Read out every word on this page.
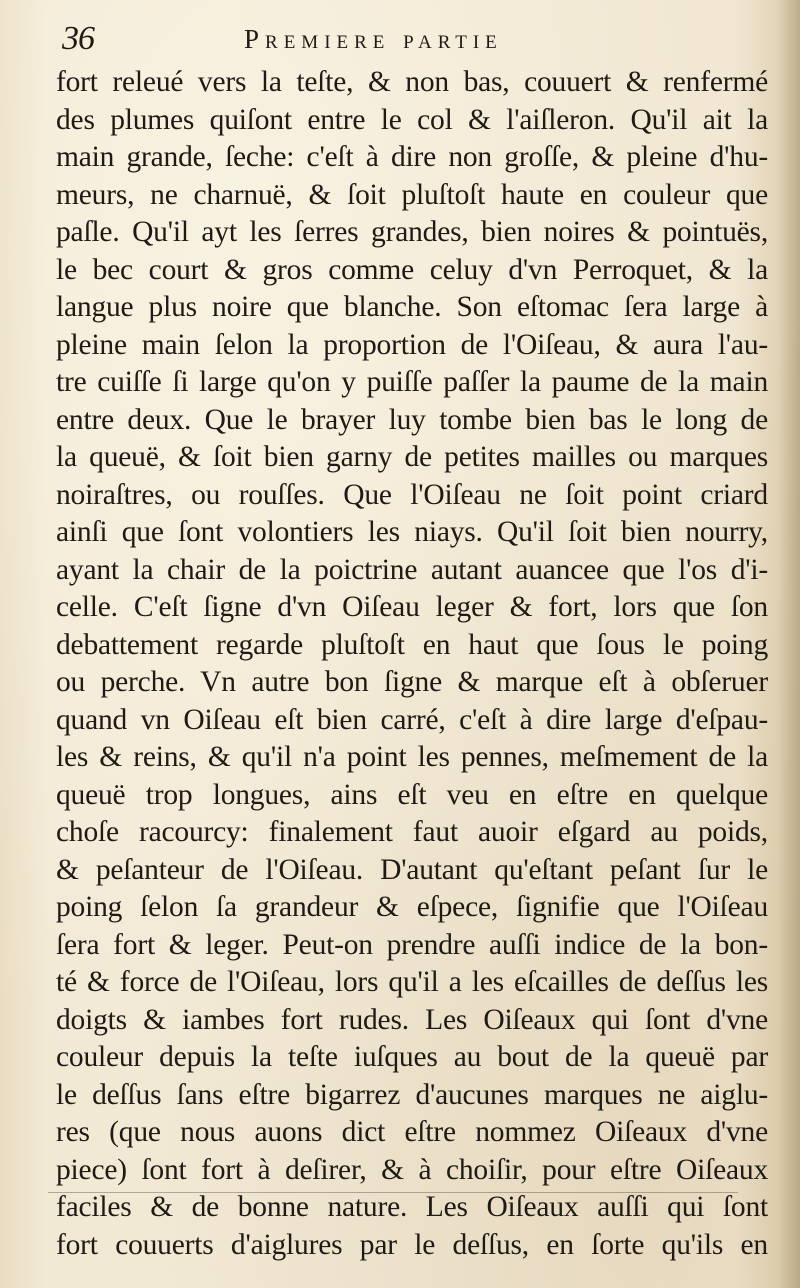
36	Premiere partie
fort releué vers la teſte, & non bas, couuert & renfermé
des plumes quiſont entre le col & l'aiſleron. Qu'il ait la
main grande, ſeche: c'eſt à dire non groſſe, & pleine d'hu-
meurs, ne charnuë, & ſoit pluſtoſt haute en couleur que
paſle. Qu'il ayt les ſerres grandes, bien noires & pointuës,
le bec court & gros comme celuy d'vn Perroquet, & la
langue plus noire que blanche. Son eſtomac ſera large à
pleine main ſelon la proportion de l'Oiſeau, & aura l'au-
tre cuiſſe ſi large qu'on y puiſſe paſſer la paume de la main
entre deux. Que le brayer luy tombe bien bas le long de
la queuë, & ſoit bien garny de petites mailles ou marques
noiraſtres, ou rouſſes. Que l'Oiſeau ne ſoit point criard
ainſi que ſont volontiers les niays. Qu'il ſoit bien nourry,
ayant la chair de la poictrine autant auancee que l'os d'i-
celle. C'eſt ſigne d'vn Oiſeau leger & fort, lors que ſon
debattement regarde pluſtoſt en haut que ſous le poing
ou perche. Vn autre bon ſigne & marque eſt à obſeruer
quand vn Oiſeau eſt bien carré, c'eſt à dire large d'eſpau-
les & reins, & qu'il n'a point les pennes, meſmement de la
queuë trop longues, ains eſt veu en eſtre en quelque
choſe racourcy: finalement faut auoir eſgard au poids,
& peſanteur de l'Oiſeau. D'autant qu'eſtant peſant ſur le
poing ſelon ſa grandeur & eſpece, ſignifie que l'Oiſeau
ſera fort & leger. Peut-on prendre auſſi indice de la bon-
té & force de l'Oiſeau, lors qu'il a les eſcailles de deſſus les
doigts & iambes fort rudes. Les Oiſeaux qui ſont d'vne
couleur depuis la teſte iuſques au bout de la queuë par
le deſſus ſans eſtre bigarrez d'aucunes marques ne aiglu-
res (que nous auons dict eſtre nommez Oiſeaux d'vne
piece) ſont fort à deſirer, & à choiſir, pour eſtre Oiſeaux
faciles & de bonne nature. Les Oiſeaux auſſi qui ſont
fort couuerts d'aiglures par le deſſus, en ſorte qu'ils en
